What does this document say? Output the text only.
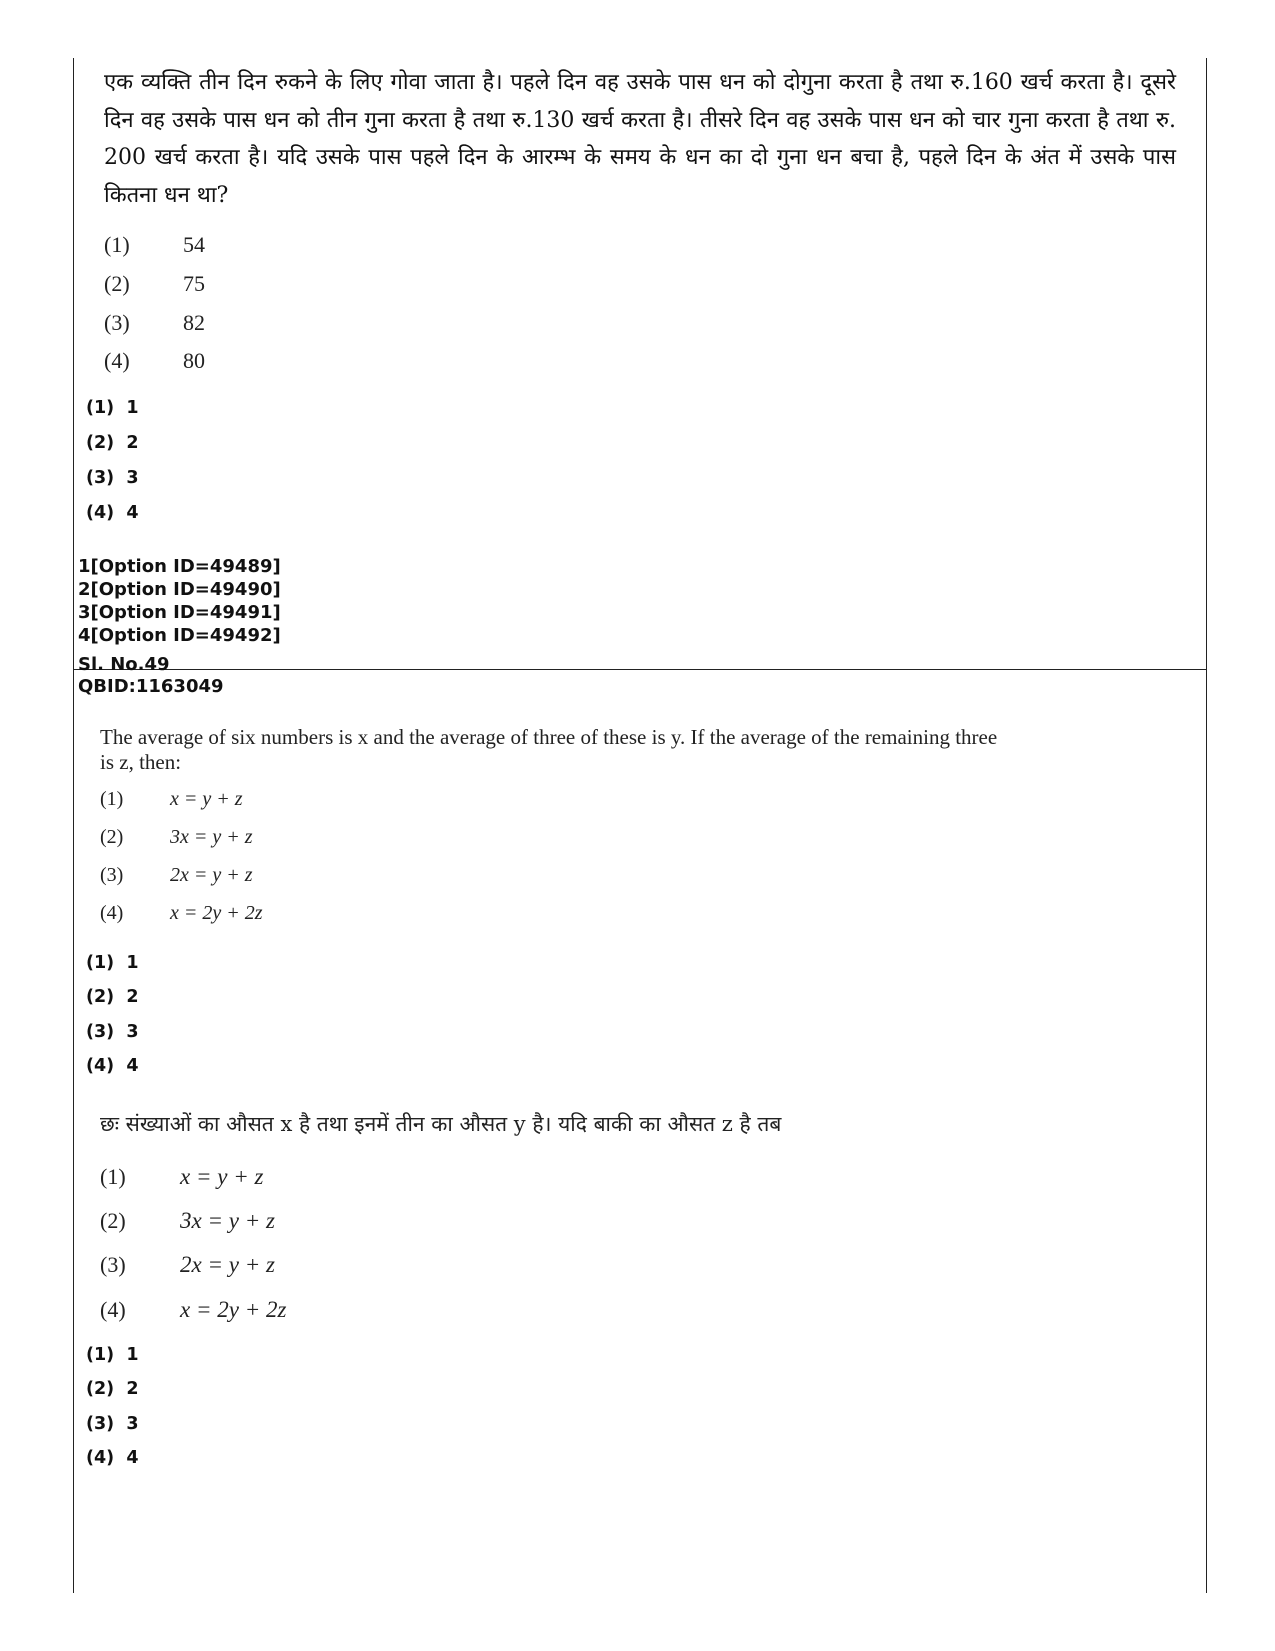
एक व्यक्ति तीन दिन रुकने के लिए गोवा जाता है। पहले दिन वह उसके पास धन को दोगुना करता है तथा रु.160 खर्च करता है। दूसरे दिन वह उसके पास धन को तीन गुना करता है तथा रु.130 खर्च करता है। तीसरे दिन वह उसके पास धन को चार गुना करता है तथा रु. 200 खर्च करता है। यदि उसके पास पहले दिन के आरम्भ के समय के धन का दो गुना धन बचा है, पहले दिन के अंत में उसके पास कितना धन था?
(1) 54
(2) 75
(3) 82
(4) 80
(1)  1
(2)  2
(3)  3
(4)  4
1[Option ID=49489]
2[Option ID=49490]
3[Option ID=49491]
4[Option ID=49492]
Sl. No.49
QBID:1163049
The average of six numbers is x and the average of three of these is y. If the average of the remaining three is z, then:
(1) x = y + z
(2) 3x = y + z
(3) 2x = y + z
(4) x = 2y + 2z
(1)  1
(2)  2
(3)  3
(4)  4
छः संख्याओं का औसत x है तथा इनमें तीन का औसत y है। यदि बाकी का औसत z है तब
(1) x = y + z
(2) 3x = y + z
(3) 2x = y + z
(4) x = 2y + 2z
(1)  1
(2)  2
(3)  3
(4)  4
